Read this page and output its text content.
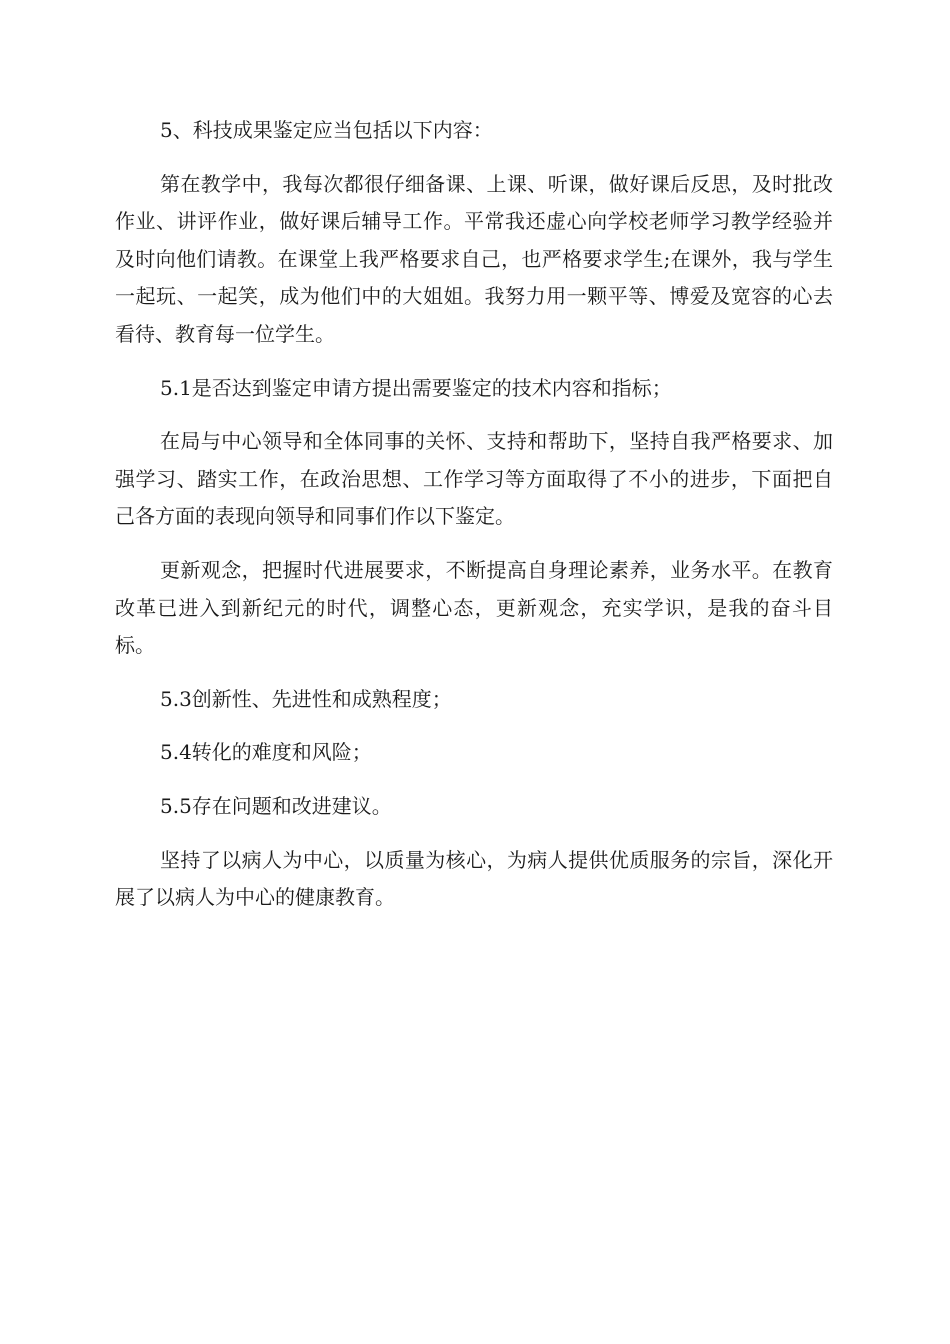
5、科技成果鉴定应当包括以下内容：

第在教学中，我每次都很仔细备课、上课、听课，做好课后反思，及时批改作业、讲评作业，做好课后辅导工作。平常我还虚心向学校老师学习教学经验并及时向他们请教。在课堂上我严格要求自己，也严格要求学生;在课外，我与学生一起玩、一起笑，成为他们中的大姐姐。我努力用一颗平等、博爱及宽容的心去看待、教育每一位学生。

5.1是否达到鉴定申请方提出需要鉴定的技术内容和指标；

在局与中心领导和全体同事的关怀、支持和帮助下，坚持自我严格要求、加强学习、踏实工作，在政治思想、工作学习等方面取得了不小的进步，下面把自己各方面的表现向领导和同事们作以下鉴定。

更新观念，把握时代进展要求，不断提高自身理论素养，业务水平。在教育改革已进入到新纪元的时代，调整心态，更新观念，充实学识，是我的奋斗目标。

5.3创新性、先进性和成熟程度；

5.4转化的难度和风险；

5.5存在问题和改进建议。

坚持了以病人为中心，以质量为核心，为病人提供优质服务的宗旨，深化开展了以病人为中心的健康教育。
